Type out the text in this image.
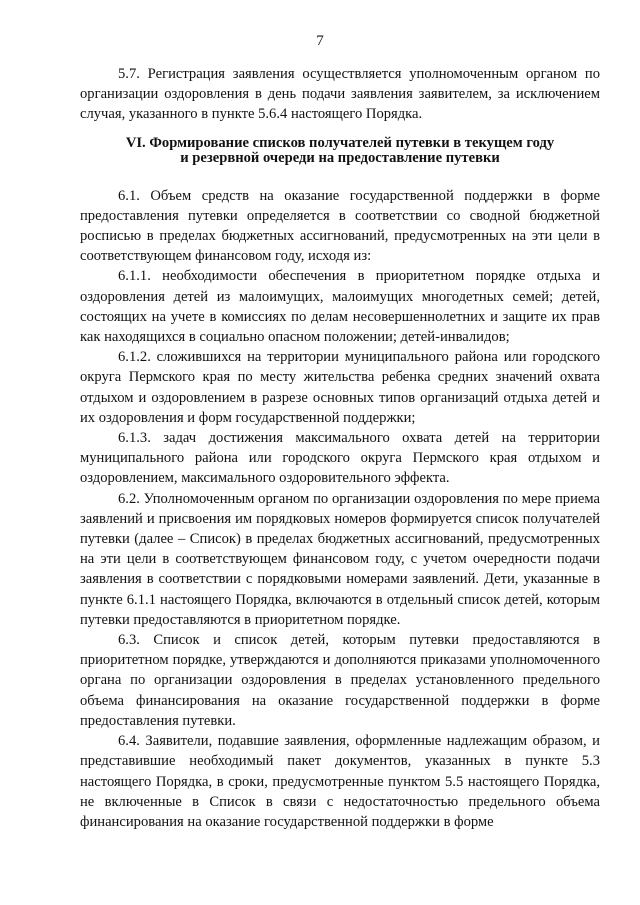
7

5.7. Регистрация заявления осуществляется уполномоченным органом по организации оздоровления в день подачи заявления заявителем, за исключением случая, указанного в пункте 5.6.4 настоящего Порядка.

VI. Формирование списков получателей путевки в текущем году
и резервной очереди на предоставление путевки

6.1. Объем средств на оказание государственной поддержки в форме предоставления путевки определяется в соответствии со сводной бюджетной росписью в пределах бюджетных ассигнований, предусмотренных на эти цели в соответствующем финансовом году, исходя из:

6.1.1. необходимости обеспечения в приоритетном порядке отдыха и оздоровления детей из малоимущих, малоимущих многодетных семей; детей, состоящих на учете в комиссиях по делам несовершеннолетних и защите их прав как находящихся в социально опасном положении; детей-инвалидов;

6.1.2. сложившихся на территории муниципального района или городского округа Пермского края по месту жительства ребенка средних значений охвата отдыхом и оздоровлением в разрезе основных типов организаций отдыха детей и их оздоровления и форм государственной поддержки;

6.1.3. задач достижения максимального охвата детей на территории муниципального района или городского округа Пермского края отдыхом и оздоровлением, максимального оздоровительного эффекта.

6.2. Уполномоченным органом по организации оздоровления по мере приема заявлений и присвоения им порядковых номеров формируется список получателей путевки (далее – Список) в пределах бюджетных ассигнований, предусмотренных на эти цели в соответствующем финансовом году, с учетом очередности подачи заявления в соответствии с порядковыми номерами заявлений. Дети, указанные в пункте 6.1.1 настоящего Порядка, включаются в отдельный список детей, которым путевки предоставляются в приоритетном порядке.

6.3. Список и список детей, которым путевки предоставляются в приоритетном порядке, утверждаются и дополняются приказами уполномоченного органа по организации оздоровления в пределах установленного предельного объема финансирования на оказание государственной поддержки в форме предоставления путевки.

6.4. Заявители, подавшие заявления, оформленные надлежащим образом, и представившие необходимый пакет документов, указанных в пункте 5.3 настоящего Порядка, в сроки, предусмотренные пунктом 5.5 настоящего Порядка, не включенные в Список в связи с недостаточностью предельного объема финансирования на оказание государственной поддержки в форме
